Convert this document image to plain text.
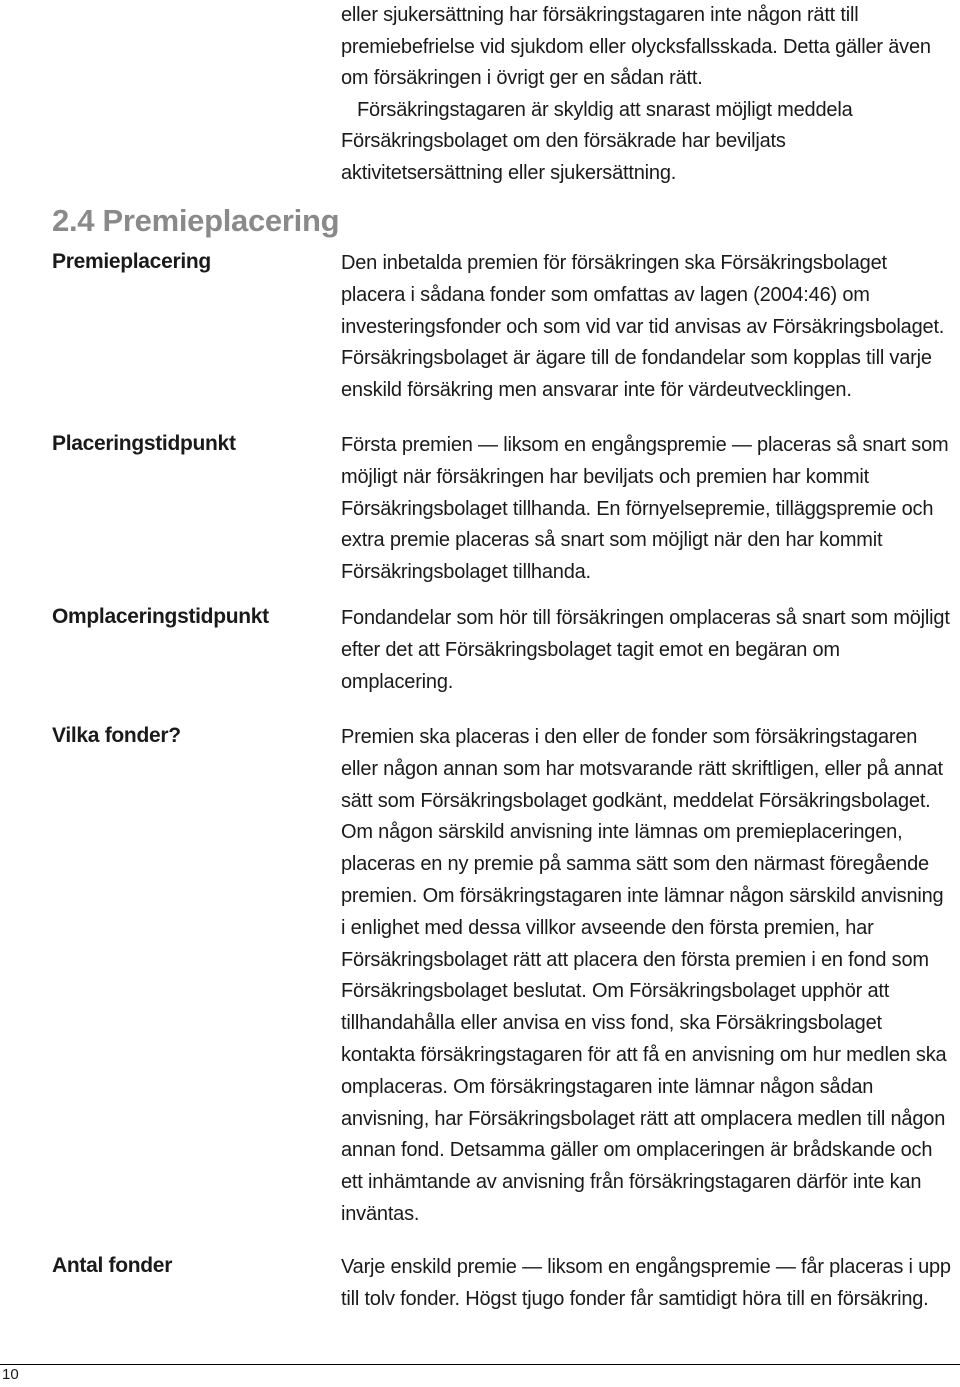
eller sjukersättning har försäkringstagaren inte någon rätt till premiebefrielse vid sjukdom eller olycksfallsskada. Detta gäller även om försäkringen i övrigt ger en sådan rätt.

Försäkringstagaren är skyldig att snarast möjligt meddela Försäkringsbolaget om den försäkrade har beviljats aktivitetsersättning eller sjukersättning.

2.4 Premieplacering
Premieplacering	Den inbetalda premien för försäkringen ska Försäkringsbolaget placera i sådana fonder som omfattas av lagen (2004:46) om investeringsfonder och som vid var tid anvisas av Försäkringsbolaget. Försäkringsbolaget är ägare till de fondandelar som kopplas till varje enskild försäkring men ansvarar inte för värdeutvecklingen.

Placeringstidpunkt	Första premien — liksom en engångspremie — placeras så snart som möjligt när försäkringen har beviljats och premien har kommit Försäkringsbolaget tillhanda. En förnyelsepremie, tilläggspremie och extra premie placeras så snart som möjligt när den har kommit Försäkringsbolaget tillhanda.

Omplaceringstidpunkt	Fondandelar som hör till försäkringen omplaceras så snart som möjligt efter det att Försäkringsbolaget tagit emot en begäran om omplacering.

Vilka fonder?	Premien ska placeras i den eller de fonder som försäkringstagaren eller någon annan som har motsvarande rätt skriftligen, eller på annat sätt som Försäkringsbolaget godkänt, meddelat Försäkringsbolaget. Om någon särskild anvisning inte lämnas om premieplaceringen, placeras en ny premie på samma sätt som den närmast föregående premien. Om försäkringstagaren inte lämnar någon särskild anvisning i enlighet med dessa villkor avseende den första premien, har Försäkringsbolaget rätt att placera den första premien i en fond som Försäkringsbolaget beslutat. Om Försäkringsbolaget upphör att tillhandahålla eller anvisa en viss fond, ska Försäkringsbolaget kontakta försäkringstagaren för att få en anvisning om hur medlen ska omplaceras. Om försäkringstagaren inte lämnar någon sådan anvisning, har Försäkringsbolaget rätt att omplacera medlen till någon annan fond. Detsamma gäller om omplaceringen är brådskande och ett inhämtande av anvisning från försäkringstagaren därför inte kan inväntas.

Antal fonder	Varje enskild premie — liksom en engångspremie — får placeras i upp till tolv fonder. Högst tjugo fonder får samtidigt höra till en försäkring.

10
